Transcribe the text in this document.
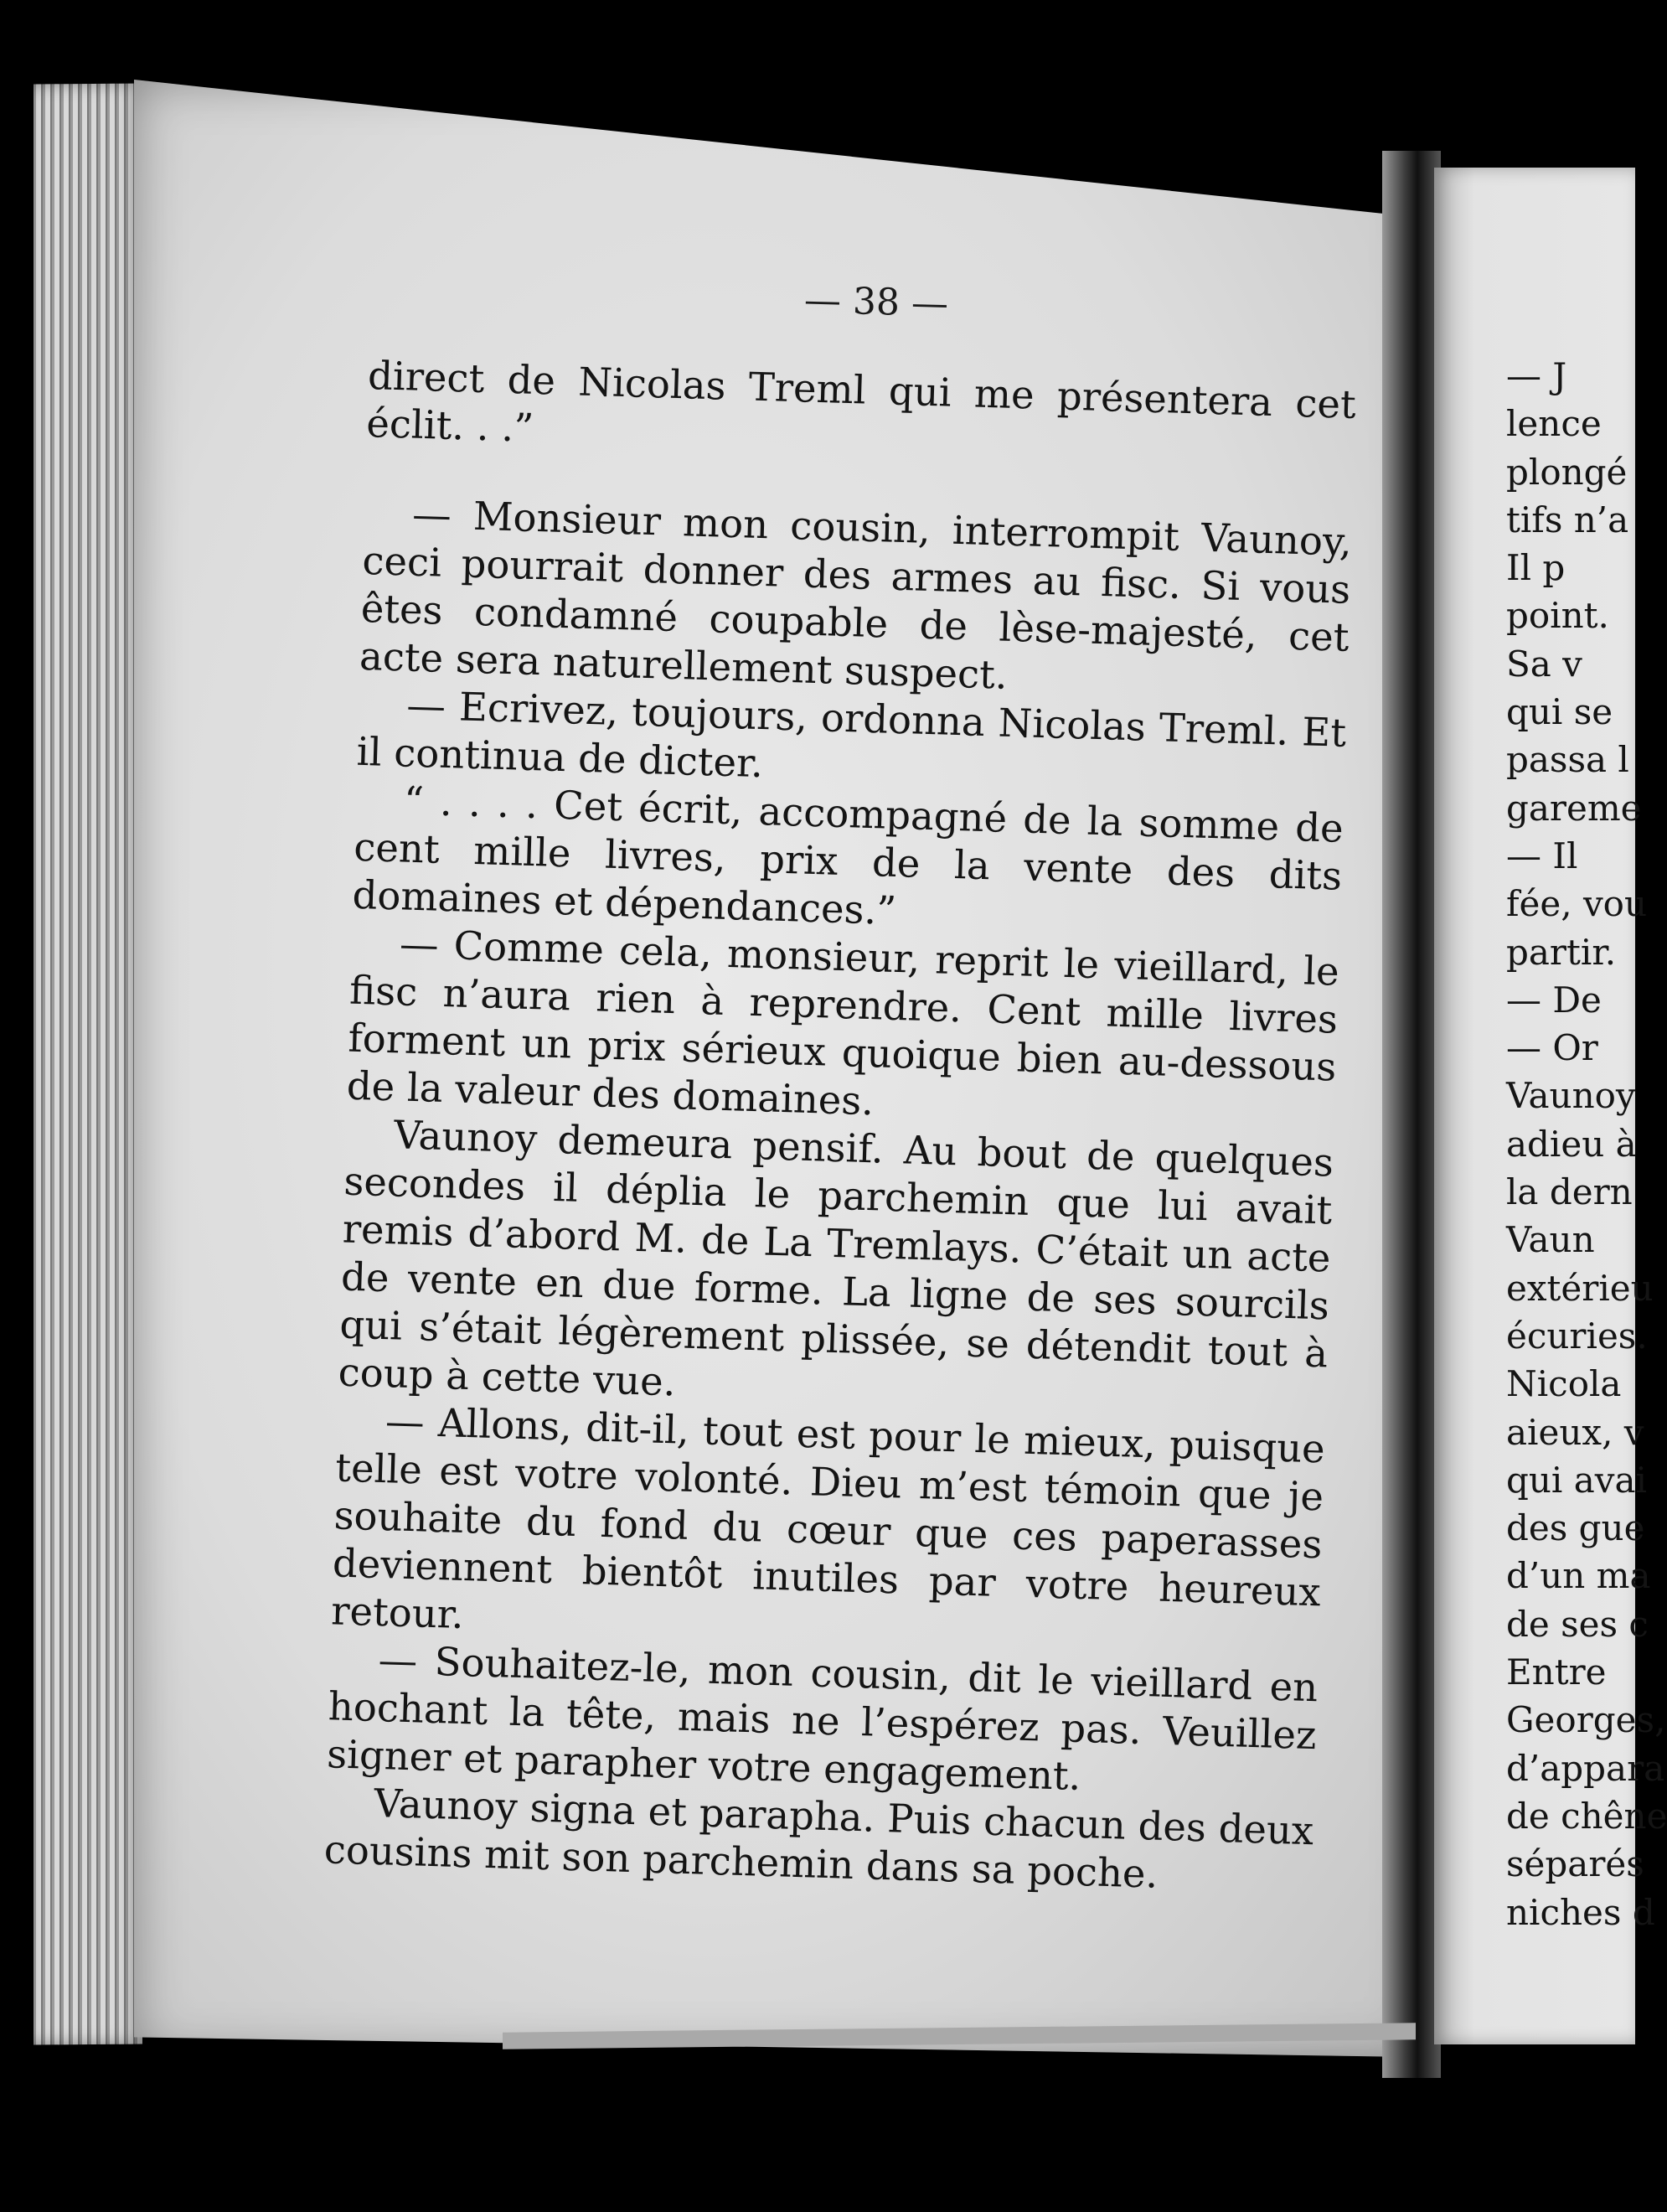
— 38 —

direct de Nicolas Treml qui me présentera cet éclit. . .”

— Monsieur mon cousin, interrompit Vaunoy, ceci pourrait donner des armes au fisc. Si vous êtes condamné coupable de lèse-majesté, cet acte sera naturellement suspect.

— Ecrivez, toujours, ordonna Nicolas Treml. Et il continua de dicter.

“ . . . . Cet écrit, accompagné de la somme de cent mille livres, prix de la vente des dits domaines et dépendances.”

— Comme cela, monsieur, reprit le vieillard, le fisc n’aura rien à reprendre. Cent mille livres forment un prix sérieux quoique bien au-dessous de la valeur des domaines.

Vaunoy demeura pensif. Au bout de quelques secondes il déplia le parchemin que lui avait remis d’abord M. de La Tremlays. C’était un acte de vente en due forme. La ligne de ses sourcils qui s’était légèrement plissée, se détendit tout à coup à cette vue.

— Allons, dit-il, tout est pour le mieux, puisque telle est votre volonté. Dieu m’est témoin que je souhaite du fond du cœur que ces paperasses deviennent bientôt inutiles par votre heureux retour.

— Souhaitez-le, mon cousin, dit le vieillard en hochant la tête, mais ne l’espérez pas. Veuillez signer et parapher votre engagement.

Vaunoy signa et parapha. Puis chacun des deux cousins mit son parchemin dans sa poche.

— J
lence
plongé
tifs n’a
Il p
point.
Sa v
qui se
passa l
gareme
— Il
fée, vou
partir.
— De
— Or
Vaunoy
adieu à
la dern
Vaun
extérieu
écuries.
Nicola
aieux, v
qui avai
des gue
d’un ma
de ses c
Entre
Georges,
d’appara
de chêne
séparés
niches d
